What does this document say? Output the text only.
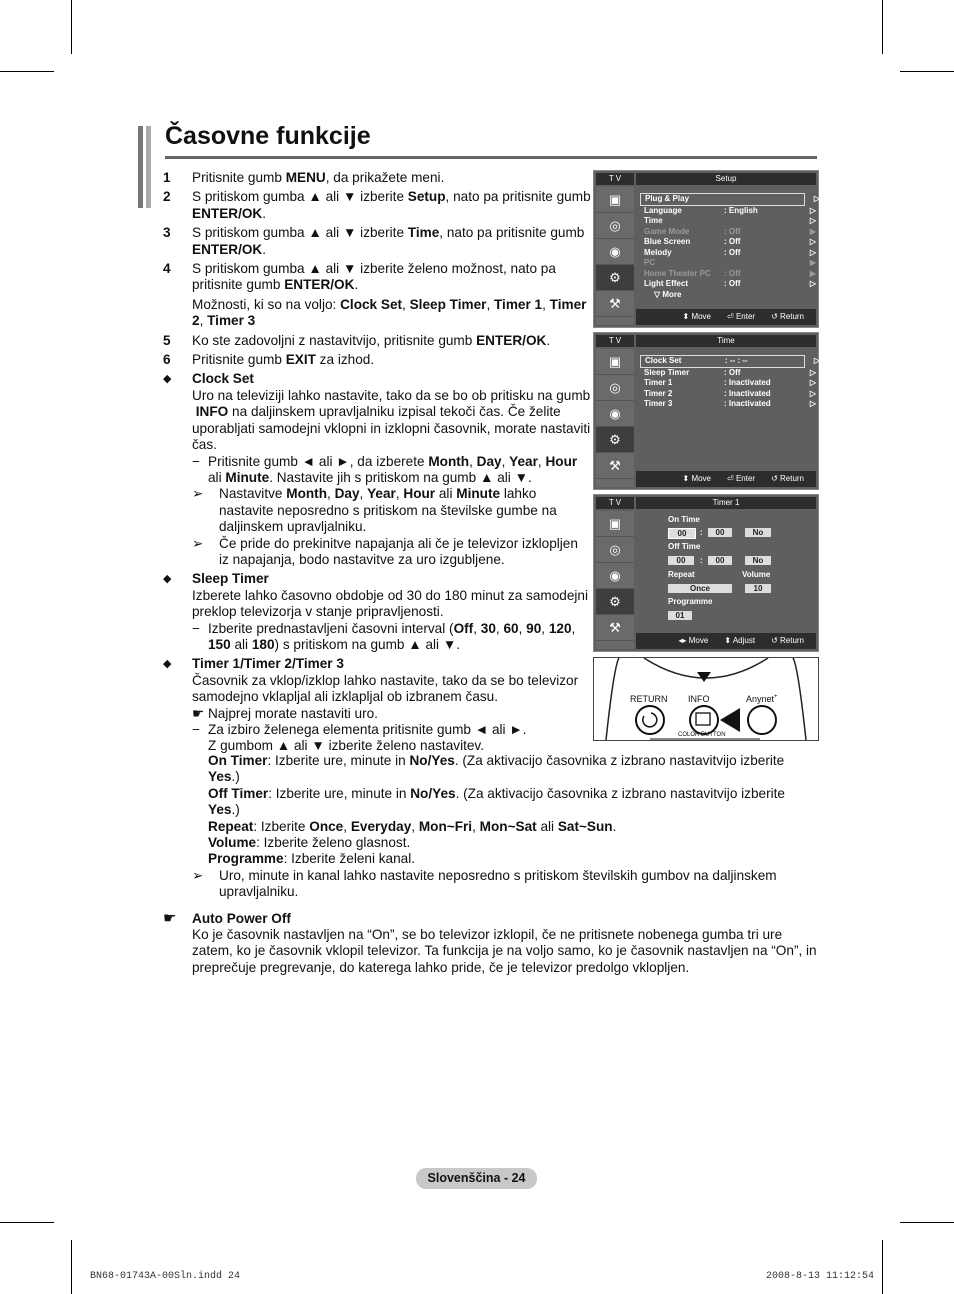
Časovne funkcije
1	Pritisnite gumb MENU, da prikažete meni.
2	S pritiskom gumba ▲ ali ▼ izberite Setup, nato pa pritisnite gumb ENTER/OK.
3	S pritiskom gumba ▲ ali ▼ izberite Time, nato pa pritisnite gumb ENTER/OK.
4	S pritiskom gumba ▲ ali ▼ izberite želeno možnost, nato pa pritisnite gumb ENTER/OK.
Možnosti, ki so na voljo: Clock Set, Sleep Timer, Timer 1, Timer 2, Timer 3
5	Ko ste zadovoljni z nastavitvijo, pritisnite gumb ENTER/OK.
6	Pritisnite gumb EXIT za izhod.
◆	Clock Set
Uro na televiziji lahko nastavite, tako da se bo ob pritisku na gumb  INFO na daljinskem upravljalniku izpisal tekoči čas. Če želite uporabljati samodejni vklopni in izklopni časovnik, morate nastaviti čas.
− Pritisnite gumb ◄ ali ►, da izberete Month, Day, Year, Hour ali Minute. Nastavite jih s pritiskom na gumb ▲ ali ▼.
➢	Nastavitve Month, Day, Year, Hour ali Minute lahko nastavite neposredno s pritiskom na številske gumbe na daljinskem upravljalniku.
➢	Če pride do prekinitve napajanja ali če je televizor izklopljen iz napajanja, bodo nastavitve za uro izgubljene.
◆	Sleep Timer
Izberete lahko časovno obdobje od 30 do 180 minut za samodejni preklop televizorja v stanje pripravljenosti.
− Izberite prednastavljeni časovni interval (Off, 30, 60, 90, 120, 150 ali 180) s pritiskom na gumb ▲ ali ▼.
◆	Timer 1/Timer 2/Timer 3
Časovnik za vklop/izklop lahko nastavite, tako da se bo televizor samodejno vklapljal ali izklapljal ob izbranem času.
☛ Najprej morate nastaviti uro.
− Za izbiro želenega elementa pritisnite gumb ◄ ali ►.
Z gumbom ▲ ali ▼ izberite želeno nastavitev.
On Timer: Izberite ure, minute in No/Yes. (Za aktivacijo časovnika z izbrano nastavitvijo izberite Yes.)
Off Timer: Izberite ure, minute in No/Yes. (Za aktivacijo časovnika z izbrano nastavitvijo izberite Yes.)
Repeat: Izberite Once, Everyday, Mon~Fri, Mon~Sat ali Sat~Sun.
Volume: Izberite želeno glasnost.
Programme: Izberite želeni kanal.
➢	Uro, minute in kanal lahko nastavite neposredno s pritiskom številskih gumbov na daljinskem upravljalniku.
☛	Auto Power Off
Ko je časovnik nastavljen na “On”, se bo televizor izklopil, če ne pritisnete nobenega gumba tri ure zatem, ko je časovnik vklopil televizor. Ta funkcija je na voljo samo, ko je časovnik nastavljen na “On”, in preprečuje pregrevanje, do katerega lahko pride, če je televizor predolgo vklopljen.
T V	Setup
▣
◎
◉
⚙
⚒
Plug & Play	▷
Language	: English	▷
Time	▷
Game Mode	: Off	▶
Blue Screen	: Off	▷
Melody	: Off	▷
PC	▶
Home Theater PC	: Off	▶
Light Effect	: Off	▷
▽ More
⬍ Move ⏎ Enter ↺ Return
T V	Time
▣
◎
◉
⚙
⚒
Clock Set	: -- : --	▷
Sleep Timer	: Off	▷
Timer 1	: Inactivated	▷
Timer 2	: Inactivated	▷
Timer 3	: Inactivated	▷
⬍ Move ⏎ Enter ↺ Return
T V	Timer 1
▣
◎
◉
⚙
⚒
On Time
00	:	00	No
Off Time
00	:	00	No
Repeat	Volume
Once	10
Programme
01
◂▸ Move ⬍ Adjust ↺ Return
RETURN INFO	Anynet+
COLOR BUTTON
Slovenščina - 24
BN68-01743A-00Sln.indd 24	2008-8-13 11:12:54
